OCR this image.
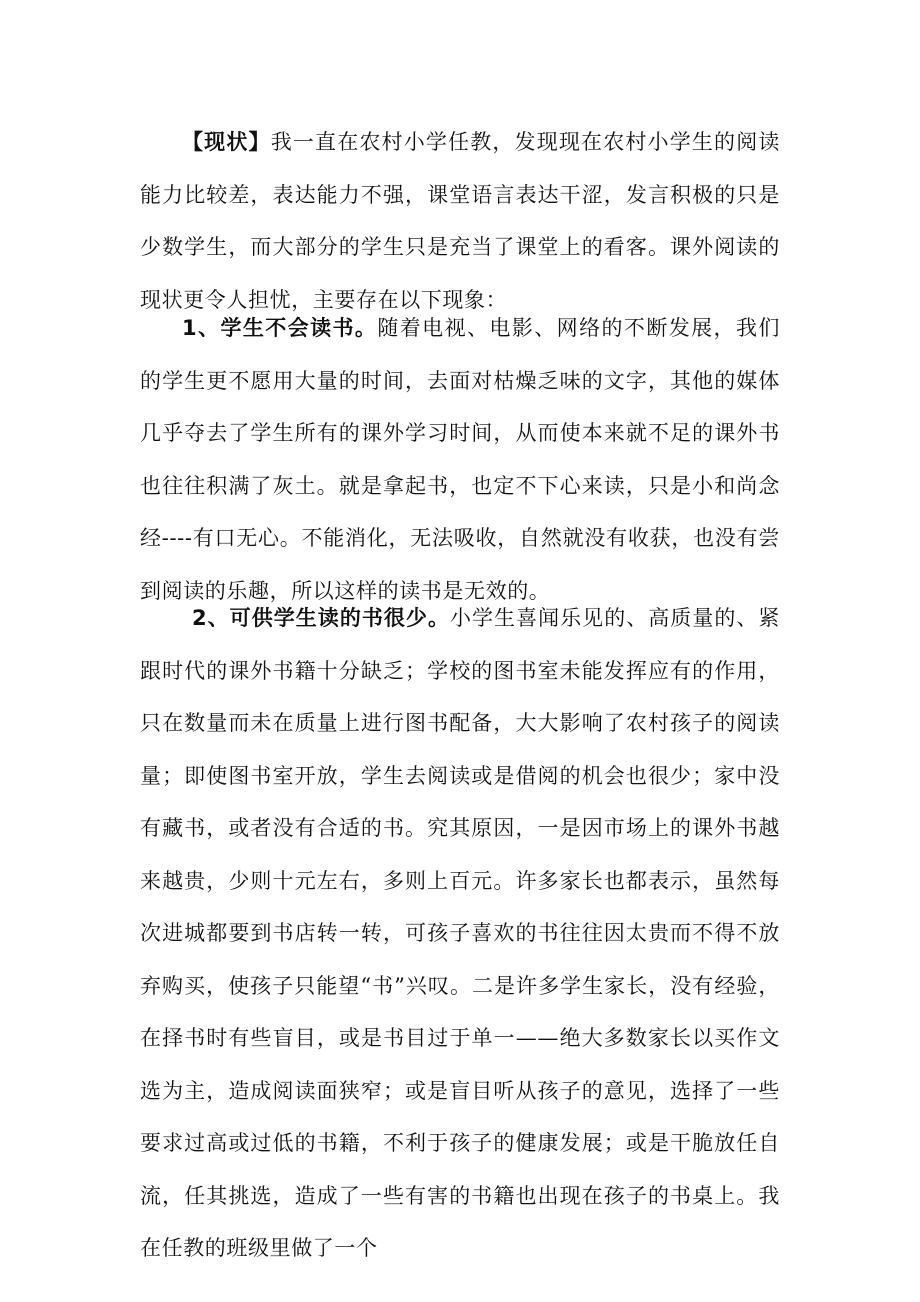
【现状】我一直在农村小学任教，发现现在农村小学生的阅读能力比较差，表达能力不强，课堂语言表达干涩，发言积极的只是少数学生，而大部分的学生只是充当了课堂上的看客。课外阅读的现状更令人担忧，主要存在以下现象：

1、学生不会读书。随着电视、电影、网络的不断发展，我们的学生更不愿用大量的时间，去面对枯燥乏味的文字，其他的媒体几乎夺去了学生所有的课外学习时间，从而使本来就不足的课外书也往往积满了灰土。就是拿起书，也定不下心来读，只是小和尚念经----有口无心。不能消化，无法吸收，自然就没有收获，也没有尝到阅读的乐趣，所以这样的读书是无效的。

2、可供学生读的书很少。小学生喜闻乐见的、高质量的、紧跟时代的课外书籍十分缺乏；学校的图书室未能发挥应有的作用，只在数量而未在质量上进行图书配备，大大影响了农村孩子的阅读量；即使图书室开放，学生去阅读或是借阅的机会也很少；家中没有藏书，或者没有合适的书。究其原因，一是因市场上的课外书越来越贵，少则十元左右，多则上百元。许多家长也都表示，虽然每次进城都要到书店转一转，可孩子喜欢的书往往因太贵而不得不放弃购买，使孩子只能望“书”兴叹。二是许多学生家长，没有经验，在择书时有些盲目，或是书目过于单一——绝大多数家长以买作文选为主，造成阅读面狭窄；或是盲目听从孩子的意见，选择了一些要求过高或过低的书籍，不利于孩子的健康发展；或是干脆放任自流，任其挑选，造成了一些有害的书籍也出现在孩子的书桌上。我在任教的班级里做了一个
